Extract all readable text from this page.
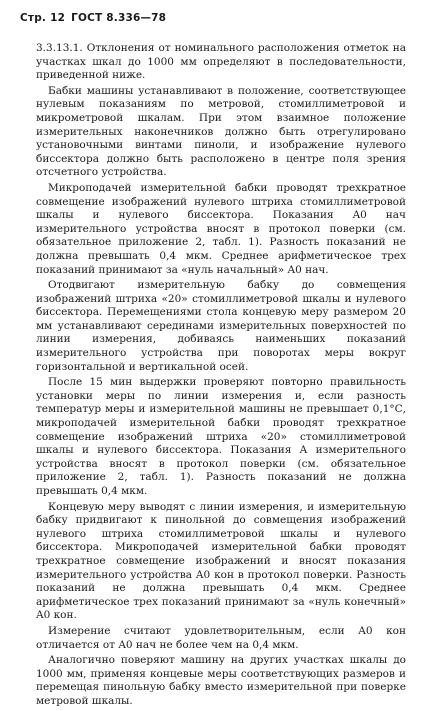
Стр. 12 ГОСТ 8.336—78

3.3.13.1. Отклонения от номинального расположения отметок на участках шкал до 1000 мм определяют в последовательности, приведенной ниже.

Бабки машины устанавливают в положение, соответствующее нулевым показаниям по метровой, стомиллиметровой и микрометровой шкалам. При этом взаимное положение измерительных наконечников должно быть отрегулировано установочными винтами пиноли, и изображение нулевого биссектора должно быть расположено в центре поля зрения отсчетного устройства.

Микроподачей измерительной бабки проводят трехкратное совмещение изображений нулевого штриха стомиллиметровой шкалы и нулевого биссектора. Показания A0 нач измерительного устройства вносят в протокол поверки (см. обязательное приложение 2, табл. 1). Разность показаний не должна превышать 0,4 мкм. Среднее арифметическое трех показаний принимают за «нуль начальный» A0 нач.

Отодвигают измерительную бабку до совмещения изображений штриха «20» стомиллиметровой шкалы и нулевого биссектора. Перемещениями стола концевую меру размером 20 мм устанавливают серединами измерительных поверхностей по линии измерения, добиваясь наименьших показаний измерительного устройства при поворотах меры вокруг горизонтальной и вертикальной осей.

После 15 мин выдержки проверяют повторно правильность установки меры по линии измерения и, если разность температур меры и измерительной машины не превышает 0,1°С, микроподачей измерительной бабки проводят трехкратное совмещение изображений штриха «20» стомиллиметровой шкалы и нулевого биссектора. Показания A измерительного устройства вносят в протокол поверки (см. обязательное приложение 2, табл. 1). Разность показаний не должна превышать 0,4 мкм.

Концевую меру выводят с линии измерения, и измерительную бабку придвигают к пинольной до совмещения изображений нулевого штриха стомиллиметровой шкалы и нулевого биссектора. Микроподачей измерительной бабки проводят трехкратное совмещение изображений и вносят показания измерительного устройства A0 кон в протокол поверки. Разность показаний не должна превышать 0,4 мкм. Среднее арифметическое трех показаний принимают за «нуль конечный» A0 кон.

Измерение считают удовлетворительным, если A0 кон отличается от A0 нач не более чем на 0,4 мкм.

Аналогично поверяют машину на других участках шкалы до 1000 мм, применяя концевые меры соответствующих размеров и перемещая пинольную бабку вместо измерительной при поверке метровой шкалы.
